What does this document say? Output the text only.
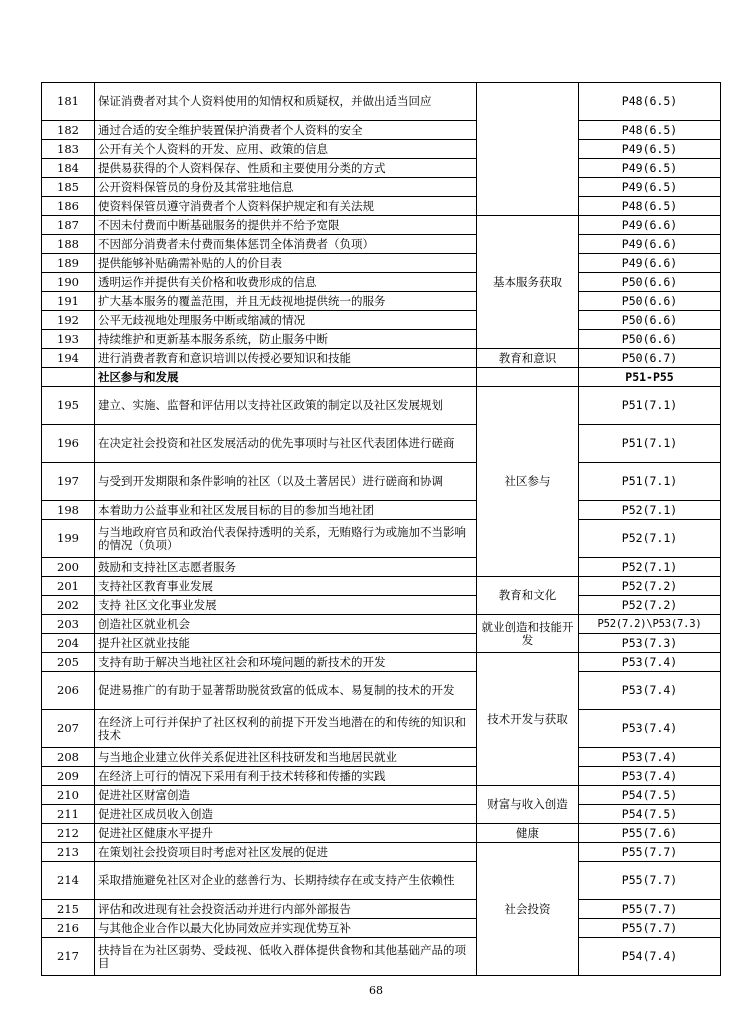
181	保证消费者对其个人资料使用的知情权和质疑权，并做出适当回应		P48(6.5)
182	通过合适的安全维护装置保护消费者个人资料的安全		P48(6.5)
183	公开有关个人资料的开发、应用、政策的信息		P49(6.5)
184	提供易获得的个人资料保存、性质和主要使用分类的方式		P49(6.5)
185	公开资料保管员的身份及其常驻地信息		P49(6.5)
186	使资料保管员遵守消费者个人资料保护规定和有关法规		P48(6.5)
187	不因未付费而中断基础服务的提供并不给予宽限	基本服务获取	P49(6.6)
188	不因部分消费者未付费而集体惩罚全体消费者（负项）		P49(6.6)
189	提供能够补贴确需补贴的人的价目表		P49(6.6)
190	透明运作并提供有关价格和收费形成的信息		P50(6.6)
191	扩大基本服务的覆盖范围，并且无歧视地提供统一的服务		P50(6.6)
192	公平无歧视地处理服务中断或缩减的情况		P50(6.6)
193	持续维护和更新基本服务系统，防止服务中断		P50(6.6)
194	进行消费者教育和意识培训以传授必要知识和技能	教育和意识	P50(6.7)
	社区参与和发展		P51-P55
195	建立、实施、监督和评估用以支持社区政策的制定以及社区发展规划	社区参与	P51(7.1)
196	在决定社会投资和社区发展活动的优先事项时与社区代表团体进行磋商		P51(7.1)
197	与受到开发期限和条件影响的社区（以及土著居民）进行磋商和协调		P51(7.1)
198	本着助力公益事业和社区发展目标的目的参加当地社团		P52(7.1)
199	与当地政府官员和政治代表保持透明的关系，无贿赂行为或施加不当影响的情况（负项）		P52(7.1)
200	鼓励和支持社区志愿者服务		P52(7.1)
201	支持社区教育事业发展	教育和文化	P52(7.2)
202	支持 社区文化事业发展		P52(7.2)
203	创造社区就业机会	就业创造和技能开发	P52(7.2)\P53(7.3)
204	提升社区就业技能		P53(7.3)
205	支持有助于解决当地社区社会和环境问题的新技术的开发	技术开发与获取	P53(7.4)
206	促进易推广的有助于显著帮助脱贫致富的低成本、易复制的技术的开发		P53(7.4)
207	在经济上可行并保护了社区权利的前提下开发当地潜在的和传统的知识和技术		P53(7.4)
208	与当地企业建立伙伴关系促进社区科技研发和当地居民就业		P53(7.4)
209	在经济上可行的情况下采用有利于技术转移和传播的实践		P53(7.4)
210	促进社区财富创造	财富与收入创造	P54(7.5)
211	促进社区成员收入创造		P54(7.5)
212	促进社区健康水平提升	健康	P55(7.6)
213	在策划社会投资项目时考虑对社区发展的促进	社会投资	P55(7.7)
214	采取措施避免社区对企业的慈善行为、长期持续存在或支持产生依赖性		P55(7.7)
215	评估和改进现有社会投资活动并进行内部外部报告		P55(7.7)
216	与其他企业合作以最大化协同效应并实现优势互补		P55(7.7)
217	扶持旨在为社区弱势、受歧视、低收入群体提供食物和其他基础产品的项目		P54(7.4)
68
